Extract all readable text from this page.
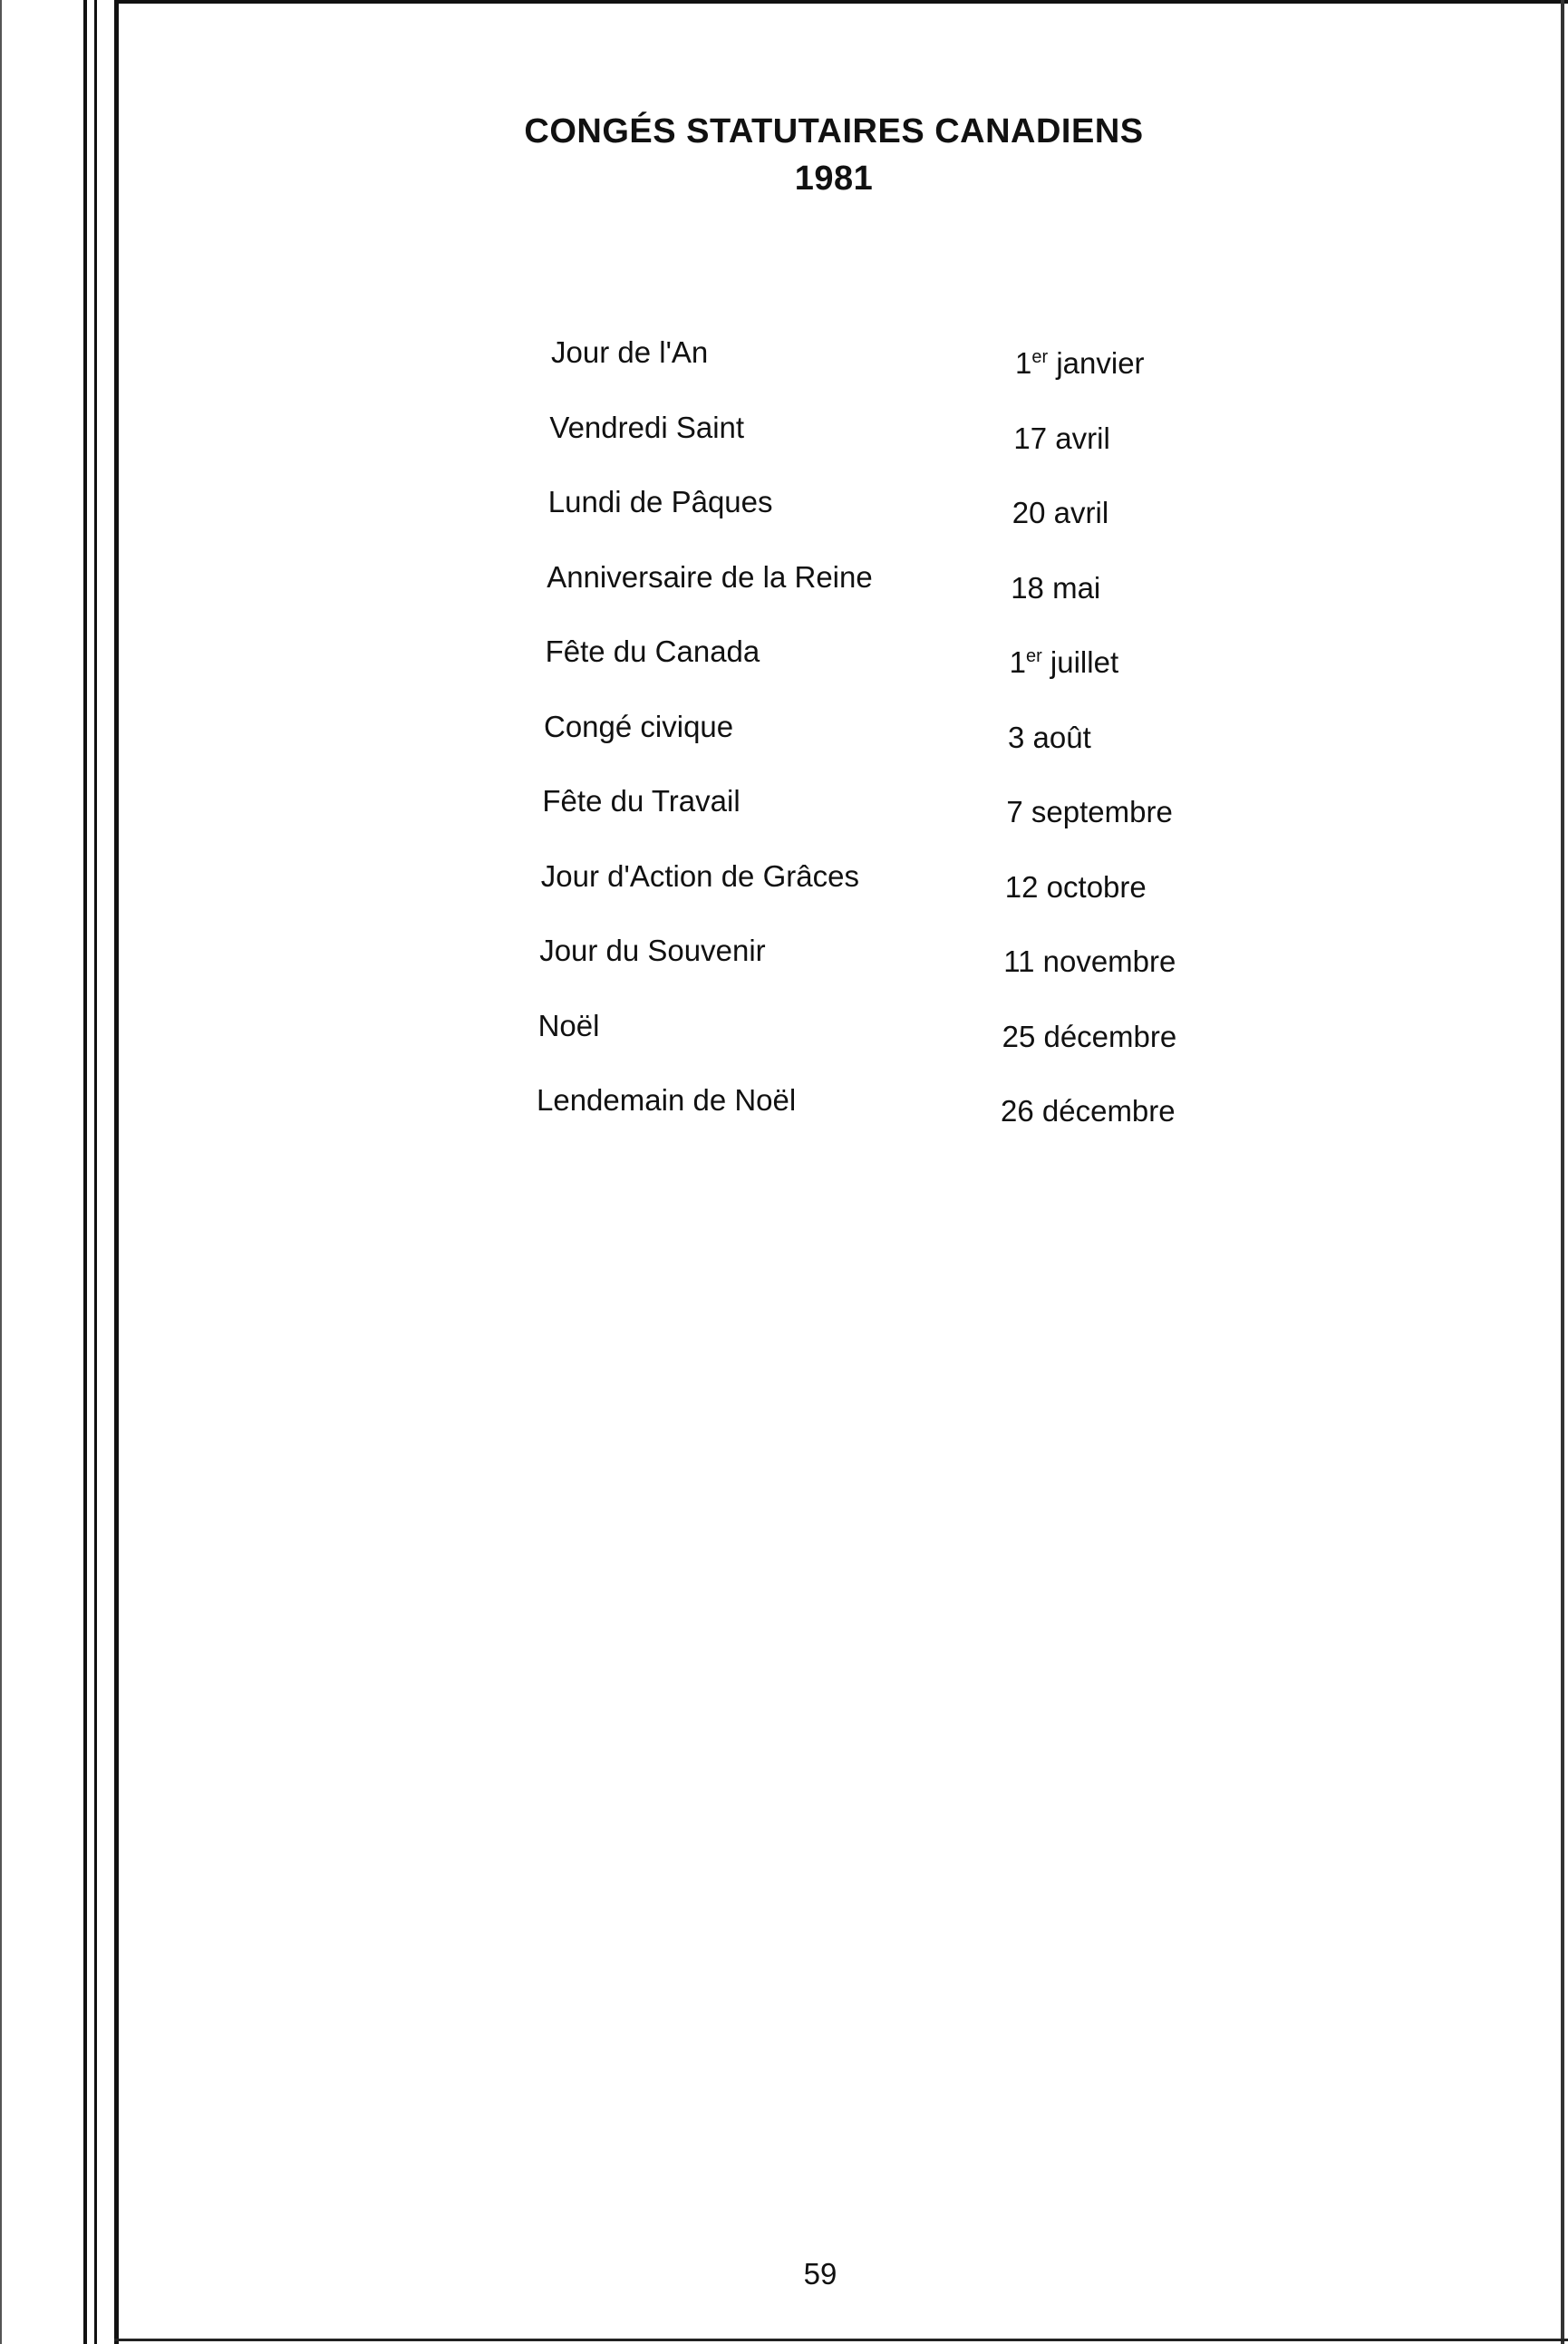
CONGÉS STATUTAIRES CANADIENS
1981
Jour de l'An	1er janvier
Vendredi Saint	17 avril
Lundi de Pâques	20 avril
Anniversaire de la Reine	18 mai
Fête du Canada	1er juillet
Congé civique	3 août
Fête du Travail	7 septembre
Jour d'Action de Grâces	12 octobre
Jour du Souvenir	11 novembre
Noël	25 décembre
Lendemain de Noël	26 décembre
59
